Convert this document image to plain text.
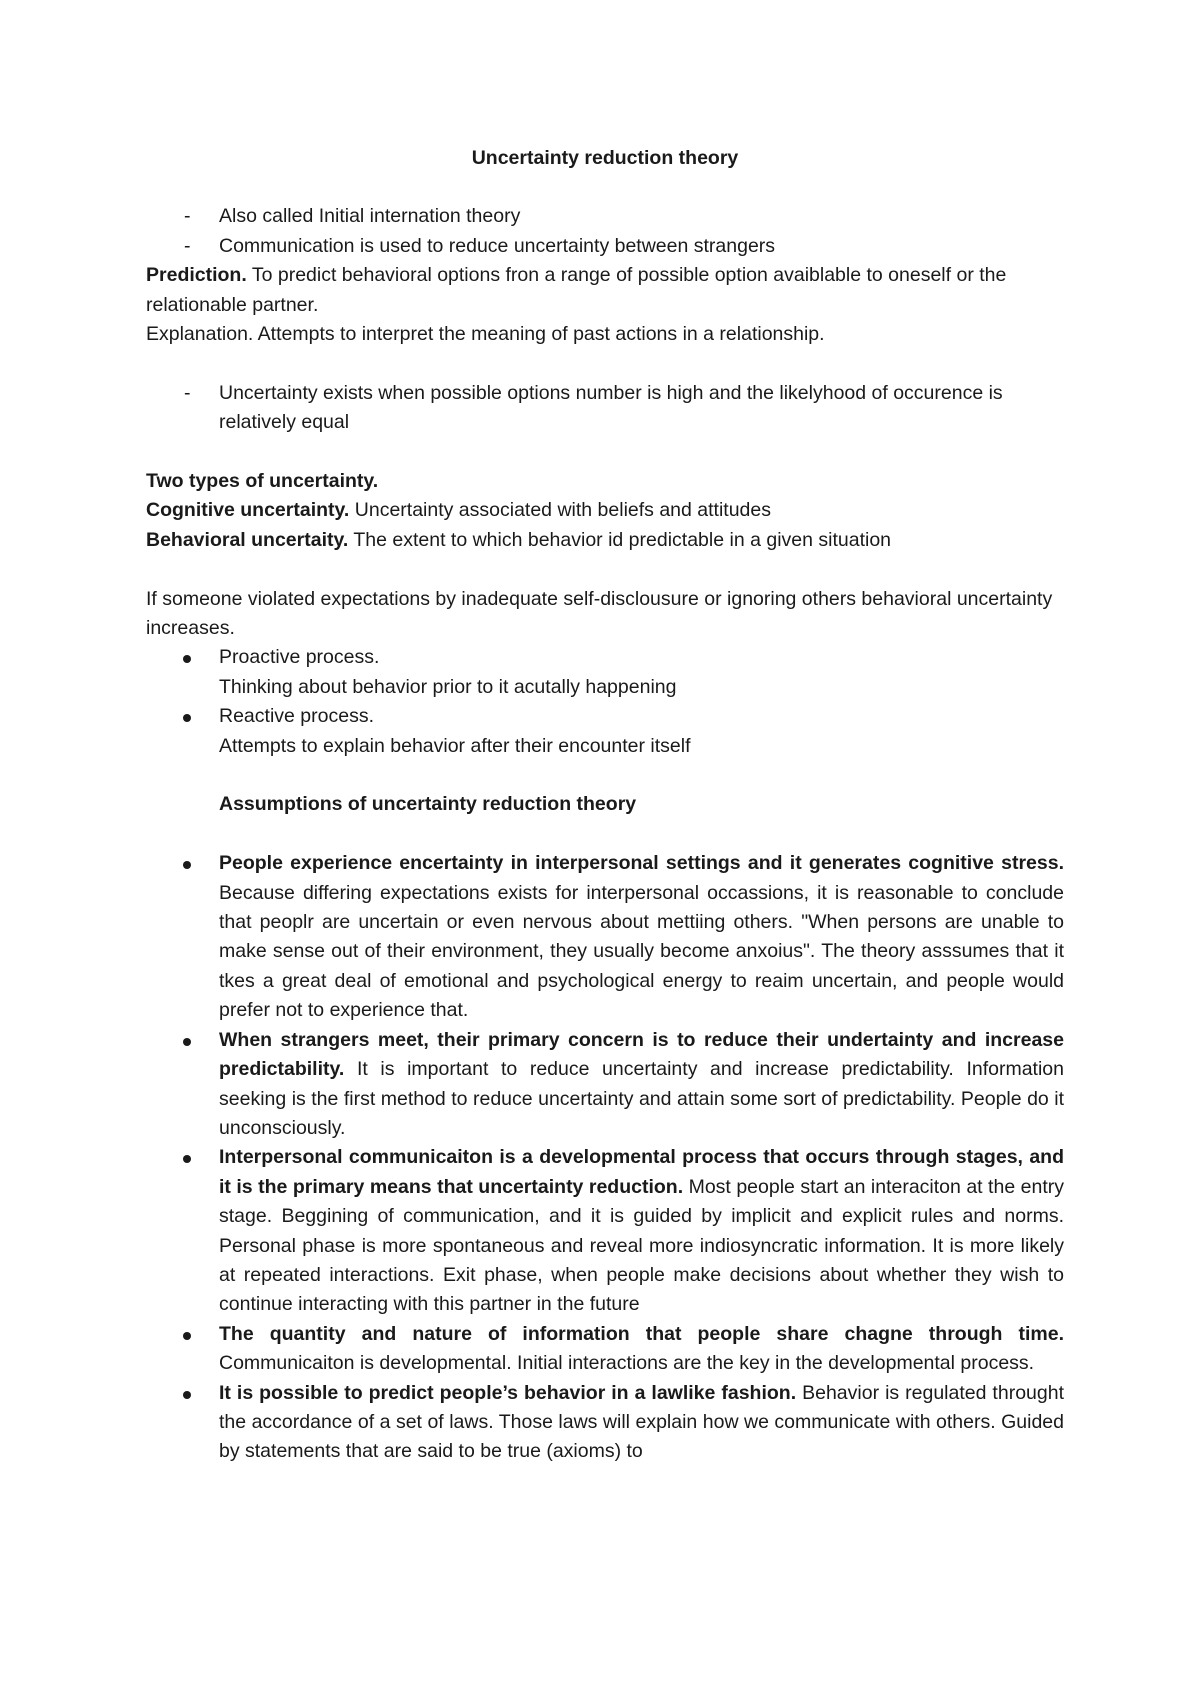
Uncertainty reduction theory

- Also called Initial internation theory
- Communication is used to reduce uncertainty between strangers

Prediction. To predict behavioral options fron a range of possible option avaiblable to oneself or the relationable partner.

Explanation. Attempts to interpret the meaning of past actions in a relationship.

- Uncertainty exists when possible options number is high and the likelyhood of occurence is relatively equal

Two types of uncertainty.

Cognitive uncertainty. Uncertainty associated with beliefs and attitudes

Behavioral uncertaity. The extent to which behavior id predictable in a given situation

If someone violated expectations by inadequate self-disclousure or ignoring others behavioral uncertainty increases.

Proactive process.
Thinking about behavior prior to it acutally happening
Reactive process.
Attempts to explain behavior after their encounter itself

Assumptions of uncertainty reduction theory

People experience encertainty in interpersonal settings and it generates cognitive stress. Because differing expectations exists for interpersonal occassions, it is reasonable to conclude that peoplr are uncertain or even nervous about mettiing others. "When persons are unable to make sense out of their environment, they usually become anxoius". The theory asssumes that it tkes a great deal of emotional and psychological energy to reaim uncertain, and people would prefer not to experience that.
When strangers meet, their primary concern is to reduce their undertainty and increase predictability. It is important to reduce uncertainty and increase predictability. Information seeking is the first method to reduce uncertainty and attain some sort of predictability. People do it unconsciously.
Interpersonal communicaiton is a developmental process that occurs through stages, and it is the primary means that uncertainty reduction. Most people start an interaciton at the entry stage. Beggining of communication, and it is guided by implicit and explicit rules and norms. Personal phase is more spontaneous and reveal more indiosyncratic information. It is more likely at repeated interactions. Exit phase, when people make decisions about whether they wish to continue interacting with this partner in the future
The quantity and nature of information that people share chagne through time. Communicaiton is developmental. Initial interactions are the key in the developmental process.
It is possible to predict people’s behavior in a lawlike fashion. Behavior is regulated throught the accordance of a set of laws. Those laws will explain how we communicate with others. Guided by statements that are said to be true (axioms) to
